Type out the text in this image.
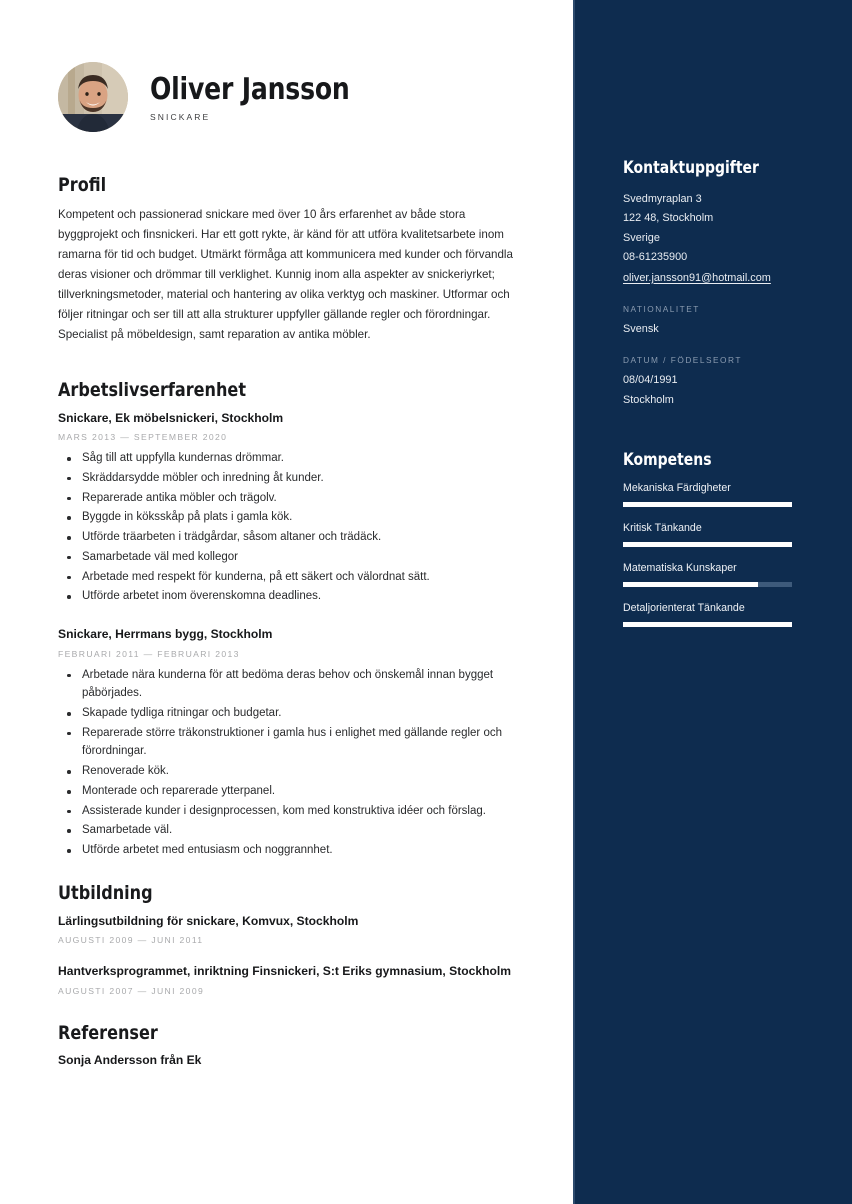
Oliver Jansson
SNICKARE
Profil
Kompetent och passionerad snickare med över 10 års erfarenhet av både stora byggprojekt och finsnickeri. Har ett gott rykte, är känd för att utföra kvalitetsarbete inom ramarna för tid och budget. Utmärkt förmåga att kommunicera med kunder och förvandla deras visioner och drömmar till verklighet. Kunnig inom alla aspekter av snickeriyrket; tillverkningsmetoder, material och hantering av olika verktyg och maskiner. Utformar och följer ritningar och ser till att alla strukturer uppfyller gällande regler och förordningar. Specialist på möbeldesign, samt reparation av antika möbler.
Arbetslivserfarenhet
Snickare, Ek möbelsnickeri, Stockholm
MARS 2013 — SEPTEMBER 2020
Såg till att uppfylla kundernas drömmar.
Skräddarsydde möbler och inredning åt kunder.
Reparerade antika möbler och trägolv.
Byggde in köksskåp på plats i gamla kök.
Utförde träarbeten i trädgårdar, såsom altaner och trädäck.
Samarbetade väl med kollegor
Arbetade med respekt för kunderna, på ett säkert och välordnat sätt.
Utförde arbetet inom överenskomna deadlines.
Snickare, Herrmans bygg, Stockholm
FEBRUARI 2011 — FEBRUARI 2013
Arbetade nära kunderna för att bedöma deras behov och önskemål innan bygget påbörjades.
Skapade tydliga ritningar och budgetar.
Reparerade större träkonstruktioner i gamla hus i enlighet med gällande regler och förordningar.
Renoverade kök.
Monterade och reparerade ytterpanel.
Assisterade kunder i designprocessen, kom med konstruktiva idéer och förslag.
Samarbetade väl.
Utförde arbetet med entusiasm och noggrannhet.
Utbildning
Lärlingsutbildning för snickare, Komvux, Stockholm
AUGUSTI 2009 — JUNI 2011
Hantverksprogrammet, inriktning Finsnickeri, S:t Eriks gymnasium, Stockholm
AUGUSTI 2007 — JUNI 2009
Referenser
Sonja Andersson från Ek
Kontaktuppgifter
Svedmyraplan 3
122 48, Stockholm
Sverige
08-61235900
oliver.jansson91@hotmail.com
NATIONALITET
Svensk
DATUM / FÖDELSEORT
08/04/1991
Stockholm
Kompetens
Mekaniska Färdigheter
Kritisk Tänkande
Matematiska Kunskaper
Detaljorienterat Tänkande
